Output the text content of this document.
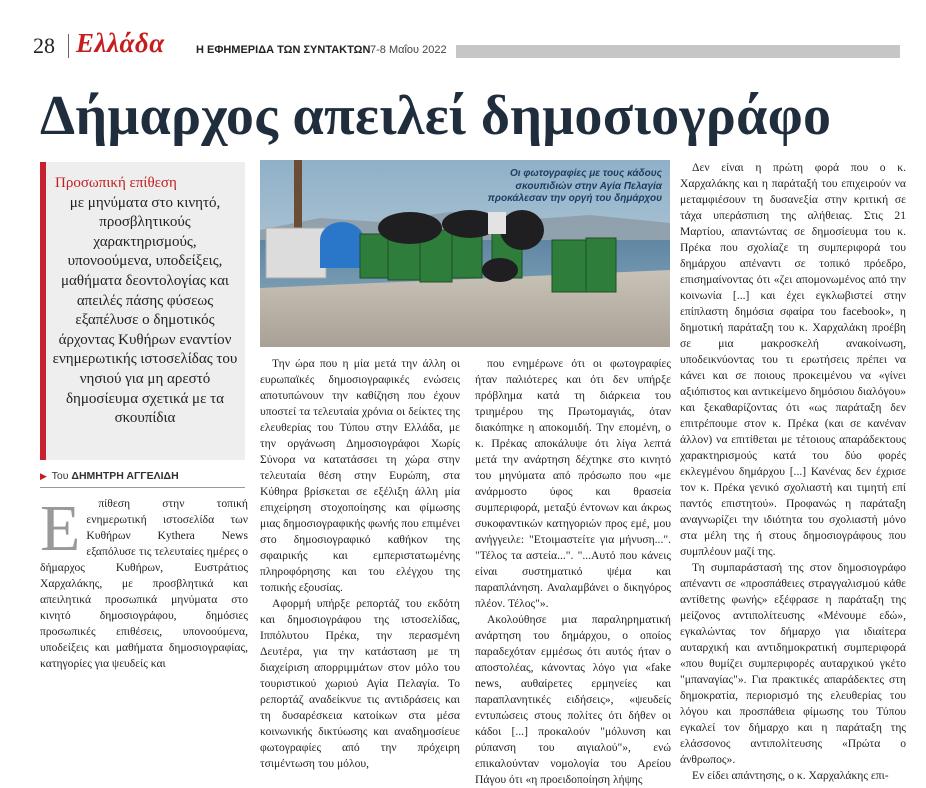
28 Ελλάδα	Η ΕΦΗΜΕΡΙΔΑ ΤΩΝ ΣΥΝΤΑΚΤΩΝ 7-8 Μαΐου 2022
Δήμαρχος απειλεί δημοσιογράφο
Προσωπική επίθεση
με μηνύματα στο κινητό, προσβλητικούς χαρακτηρισμούς, υπονοούμενα, υποδείξεις, μαθήματα δεοντολογίας και απειλές πάσης φύσεως εξαπέλυσε ο δημοτικός άρχοντας Κυθήρων εναντίον ενημερωτικής ιστοσελίδας του νησιού για μη αρεστό δημοσίευμα σχετικά με τα σκουπίδια
▶ Του ΔΗΜΗΤΡΗ ΑΓΓΕΛΙΔΗ
Ε	πίθεση στην τοπική ενημερωτική ιστοσελίδα των Κυθήρων Kythera News εξαπόλυσε τις τελευταίες ημέρες ο δήμαρχος Κυθήρων, Ευστράτιος Χαρχαλάκης, με προσβλητικά και απειλητικά προσωπικά μηνύματα στο κινητό δημοσιογράφου, δημόσιες προσωπικές επιθέσεις, υπονοούμενα, υποδείξεις και μαθήματα δημοσιογραφίας, κατηγορίες για ψευδείς και

Οι φωτογραφίες με τους κάδους σκουπιδιών στην Αγία Πελαγία προκάλεσαν την οργή του δημάρχου

Την ώρα που η μία μετά την άλλη οι ευρωπαϊκές δημοσιογραφικές ενώσεις αποτυπώνουν την καθίζηση που έχουν υποστεί τα τελευταία χρόνια οι δείκτες της ελευθερίας του Τύπου στην Ελλάδα, με την οργάνωση Δημοσιογράφοι Χωρίς Σύνορα να κατατάσσει τη χώρα στην τελευταία θέση στην Ευρώπη, στα Κύθηρα βρίσκεται σε εξέλιξη άλλη μία επιχείρηση στοχοποίησης και φίμωσης μιας δημοσιογραφικής φωνής που επιμένει στο δημοσιογραφικό καθήκον της σφαιρικής και εμπεριστατωμένης πληροφόρησης και του ελέγχου της τοπικής εξουσίας.

Αφορμή υπήρξε ρεπορτάζ του εκδότη και δημοσιογράφου της ιστοσελίδας, Ιππόλυτου Πρέκα, την περασμένη Δευτέρα, για την κατάσταση με τη διαχείριση απορριμμάτων στον μόλο του τουριστικού χωριού Αγία Πελαγία. Το ρεπορτάζ αναδείκνυε τις αντιδράσεις και τη δυσαρέσκεια κατοίκων στα μέσα κοινωνικής δικτύωσης και αναδημοσίευε φωτογραφίες από την πρόχειρη τσιμέντωση του μόλου,

που ενημέρωνε ότι οι φωτογραφίες ήταν παλιότερες και ότι δεν υπήρξε πρόβλημα κατά τη διάρκεια του τριημέρου της Πρωτομαγιάς, όταν διακόπηκε η αποκομιδή. Την επομένη, ο κ. Πρέκας αποκάλυψε ότι λίγα λεπτά μετά την ανάρτηση δέχτηκε στο κινητό του μηνύματα από πρόσωπο που «με ανάρμοστο ύφος και θρασεία συμπεριφορά, μεταξύ έντονων και άκρως συκοφαντικών κατηγοριών προς εμέ, μου ανήγγειλε: "Ετοιμαστείτε για μήνυση...". "Τέλος τα αστεία...". "...Αυτό που κάνεις είναι συστηματικό ψέμα και παραπλάνηση. Αναλαμβάνει ο δικηγόρος πλέον. Τέλος"».

Ακολούθησε μια παραληρηματική ανάρτηση του δημάρχου, ο οποίος παραδεχόταν εμμέσως ότι αυτός ήταν ο αποστολέας, κάνοντας λόγο για «fake news, αυθαίρετες ερμηνείες και παραπλανητικές ειδήσεις», «ψευδείς εντυπώσεις στους πολίτες ότι δήθεν οι κάδοι [...] προκαλούν "μόλυνση και ρύπανση του αιγιαλού"», ενώ επικαλούνταν νομολογία του Αρείου Πάγου ότι «η προειδοποίηση λήψης

Δεν είναι η πρώτη φορά που ο κ. Χαρχαλάκης και η παράταξή του επιχειρούν να μεταμφιέσουν τη δυσανεξία στην κριτική σε τάχα υπεράσπιση της αλήθειας. Στις 21 Μαρτίου, απαντώντας σε δημοσίευμα του κ. Πρέκα που σχολίαζε τη συμπεριφορά του δημάρχου απέναντι σε τοπικό πρόεδρο, επισημαίνοντας ότι «ζει απομονωμένος από την κοινωνία [...] και έχει εγκλωβιστεί στην επίπλαστη δημόσια σφαίρα του facebook», η δημοτική παράταξη του κ. Χαρχαλάκη προέβη σε μια μακροσκελή ανακοίνωση, υποδεικνύοντας του τι ερωτήσεις πρέπει να κάνει και σε ποιους προκειμένου να «γίνει αξιόπιστος και αντικείμενο δημόσιου διαλόγου» και ξεκαθαρίζοντας ότι «ως παράταξη δεν επιτρέπουμε στον κ. Πρέκα (και σε κανέναν άλλον) να επιτίθεται με τέτοιους απαράδεκτους χαρακτηρισμούς κατά του δύο φορές εκλεγμένου δημάρχου [...] Κανένας δεν έχρισε τον κ. Πρέκα γενικό σχολιαστή και τιμητή επί παντός επιστητού». Προφανώς η παράταξη αναγνωρίζει την ιδιότητα του σχολιαστή μόνο στα μέλη της ή στους δημοσιογράφους που συμπλέουν μαζί της.

Τη συμπαράστασή της στον δημοσιογράφο απέναντι σε «προσπάθειες στραγγαλισμού κάθε αντίθετης φωνής» εξέφρασε η παράταξη της μείζονος αντιπολίτευσης «Μένουμε εδώ», εγκαλώντας τον δήμαρχο για ιδιαίτερα αυταρχική και αντιδημοκρατική συμπεριφορά «που θυμίζει συμπεριφορές αυταρχικού γκέτο "μπαναγίας"». Για πρακτικές απαράδεκτες στη δημοκρατία, περιορισμό της ελευθερίας του λόγου και προσπάθεια φίμωσης του Τύπου εγκαλεί τον δήμαρχο και η παράταξη της ελάσσονος αντιπολίτευσης «Πρώτα ο άνθρωπος».

Εν είδει απάντησης, ο κ. Χαρχαλάκης επι-
